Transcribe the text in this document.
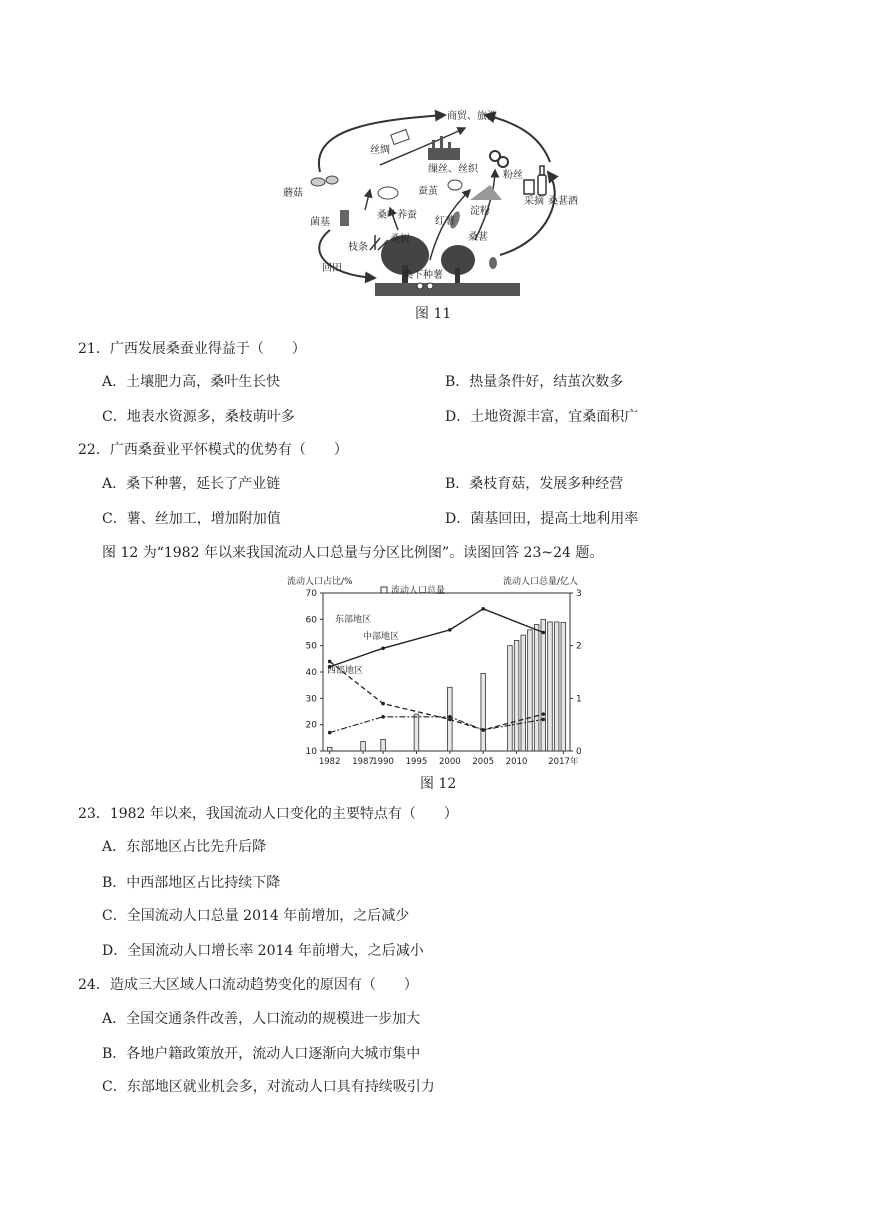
商贸、旅游
丝绸
缫丝、丝织
粉丝
蚕茧
蘑菇
桑叶养蚕
菌基	红薯
淀粉
采摘 桑葚酒
桑树	桑葚
枝条
回田
桑下种薯
图 11
21．广西发展桑蚕业得益于（　　）
A．土壤肥力高，桑叶生长快	B．热量条件好，结茧次数多
C．地表水资源多，桑枝萌叶多	D．土地资源丰富，宜桑面积广
22．广西桑蚕业平怀模式的优势有（　　）
A．桑下种薯，延长了产业链	B．桑枝育菇，发展多种经营
C．薯、丝加工，增加附加值	D．菌基回田，提高土地利用率
图 12 为“1982 年以来我国流动人口总量与分区比例图”。读图回答 23~24 题。
流动人口占比/%	流动人口总量/亿人
10
20
30
40
50
60
70
0
1
2
3
1982 1987
1990 1995 2000 2005 2010 2017年
流动人口总量
东部地区
中部地区
西部地区
图 12
23．1982 年以来，我国流动人口变化的主要特点有（　　）
A．东部地区占比先升后降
B．中西部地区占比持续下降
C．全国流动人口总量 2014 年前增加，之后减少
D．全国流动人口增长率 2014 年前增大，之后减小
24．造成三大区域人口流动趋势变化的原因有（　　）
A．全国交通条件改善，人口流动的规模进一步加大
B．各地户籍政策放开，流动人口逐渐向大城市集中
C．东部地区就业机会多，对流动人口具有持续吸引力
